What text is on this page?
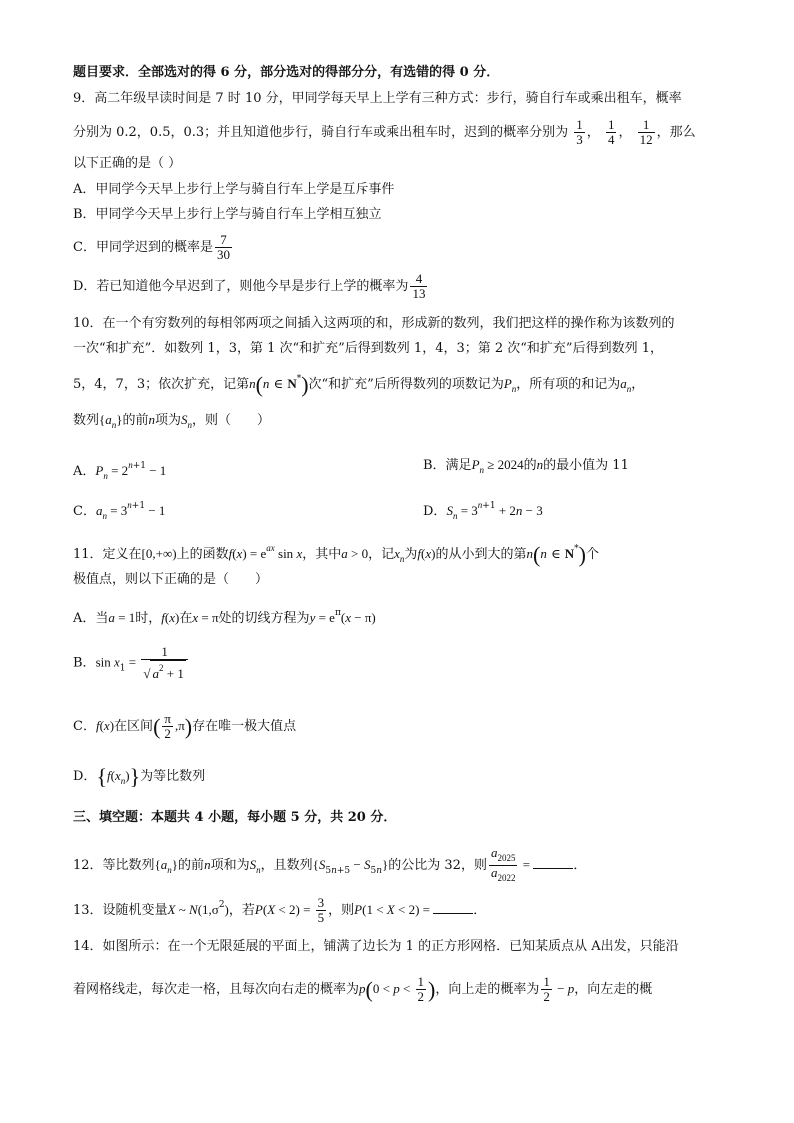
题目要求．全部选对的得 6 分，部分选对的得部分分，有选错的得 0 分．
9．高二年级早读时间是 7 时 10 分，甲同学每天早上上学有三种方式：步行，骑自行车或乘出租车，概率
分别为 0.2，0.5，0.3；并且知道他步行，骑自行车或乘出租车时，迟到的概率分别为 $\frac{1}{3}$ ， $\frac{1}{4}$ ， $\frac{1}{12}$ ，那么
以下正确的是（ ）
A．甲同学今天早上步行上学与骑自行车上学是互斥事件
B．甲同学今天早上步行上学与骑自行车上学相互独立
C．甲同学迟到的概率是 $\frac{7}{30}$
D．若已知道他今早迟到了，则他今早是步行上学的概率为 $\frac{4}{13}$
10．在一个有穷数列的每相邻两项之间插入这两项的和，形成新的数列，我们把这样的操作称为该数列的
一次“和扩充”．如数列 1，3，第 1 次“和扩充”后得到数列 1，4，3；第 2 次“和扩充”后得到数列 1，
5，4，7，3；依次扩充，记第n(n ∈ N*)次“和扩充”后所得数列的项数记为$P_n$，所有项的和记为$a_n$，
数列$\{a_n\}$的前n项为$S_n$，则（　　）
A．$P_n = 2^{n+1} - 1$	B．满足$P_n \ge 2024$的n的最小值为 11
C．$a_n = 3^{n+1} - 1$	D．$S_n = 3^{n+1} + 2n - 3$
11．定义在[0,+∞)上的函数$f(x) = e^{ax}$ sin x，其中a > 0，记$x_n$为f(x)的从小到大的第n(n ∈ N*)个
极值点，则以下正确的是（　　）
A．当a = 1时，f(x)在x = π处的切线方程为$y = e^\pi(x - \pi)$
B．$\sin x_1 = \frac{1}{√ a^2 + 1}$
C．f(x)在区间( $\frac{\pi}{2} ,\pi$)存在唯一极大值点
D．$\{f(x_n)\}$为等比数列
三、填空题：本题共 4 小题，每小题 5 分，共 20 分．
12．等比数列$\{a_n\}$的前n项和为$S_n$，且数列$\{S_{5n+5} - S_{5n}\}$的公比为 32，则 $\frac{a_{2025}}{a_{2022}}$ =	．
13．设随机变量X ~ $N(1,\sigma^2)$，若$P(X < 2) = \frac{3}{5}$ ，则P(1 < X < 2) =	．
14．如图所示：在一个无限延展的平面上，铺满了边长为 1 的正方形网格．已知某质点从 A出发，只能沿
着网格线走，每次走一格，且每次向右走的概率为$p(0 < p < \frac{1}{2}$ )，向上走的概率为 $\frac{1}{2} - p$，向左走的概
